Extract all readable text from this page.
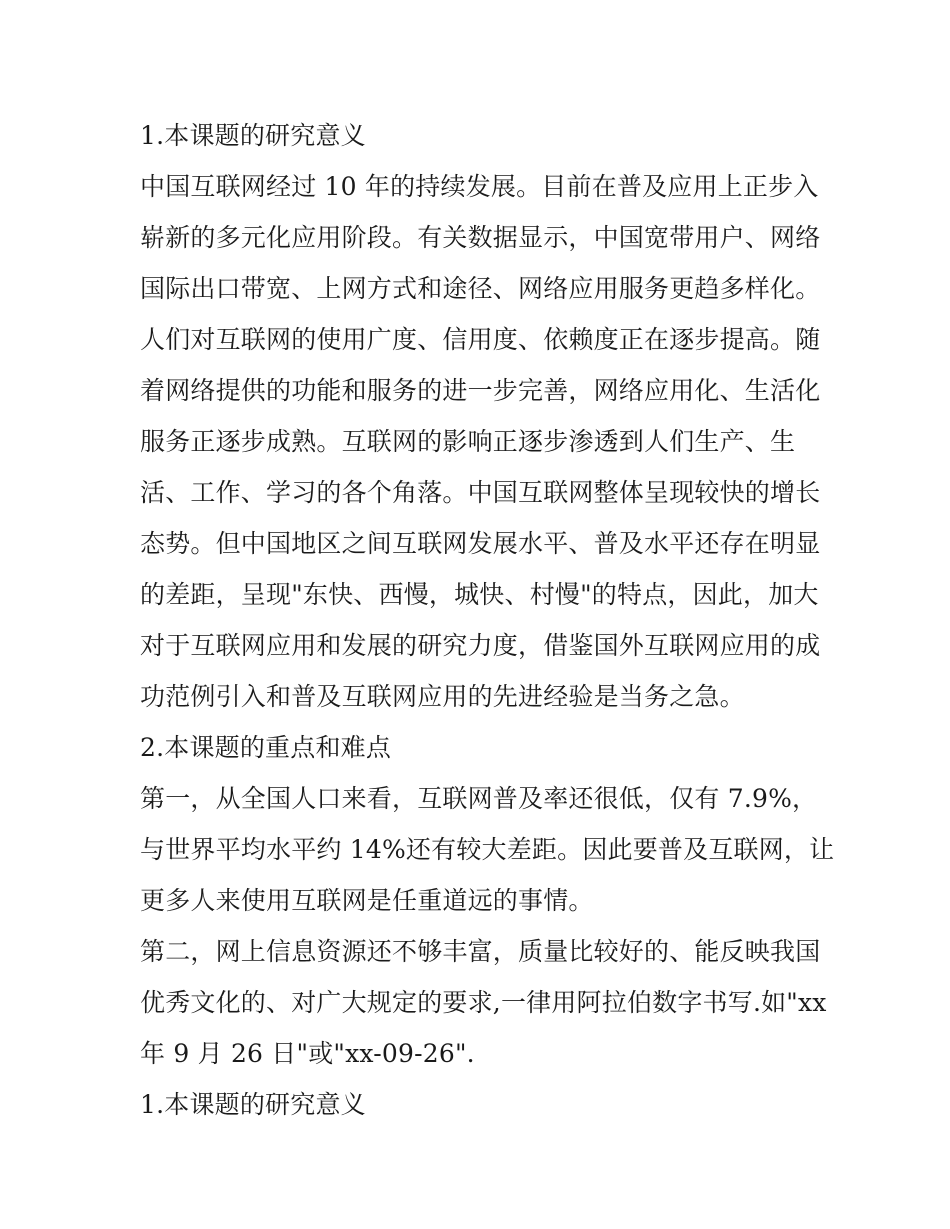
1.本课题的研究意义
中国互联网经过 10 年的持续发展。目前在普及应用上正步入
崭新的多元化应用阶段。有关数据显示，中国宽带用户、网络
国际出口带宽、上网方式和途径、网络应用服务更趋多样化。
人们对互联网的使用广度、信用度、依赖度正在逐步提高。随
着网络提供的功能和服务的进一步完善，网络应用化、生活化
服务正逐步成熟。互联网的影响正逐步渗透到人们生产、生
活、工作、学习的各个角落。中国互联网整体呈现较快的增长
态势。但中国地区之间互联网发展水平、普及水平还存在明显
的差距，呈现"东快、西慢，城快、村慢"的特点，因此，加大
对于互联网应用和发展的研究力度，借鉴国外互联网应用的成
功范例引入和普及互联网应用的先进经验是当务之急。
2.本课题的重点和难点
第一，从全国人口来看，互联网普及率还很低，仅有 7.9%，
与世界平均水平约 14%还有较大差距。因此要普及互联网，让
更多人来使用互联网是任重道远的事情。
第二，网上信息资源还不够丰富，质量比较好的、能反映我国
优秀文化的、对广大规定的要求,一律用阿拉伯数字书写.如"xx
年 9 月 26 日"或"xx-09-26".
1.本课题的研究意义
